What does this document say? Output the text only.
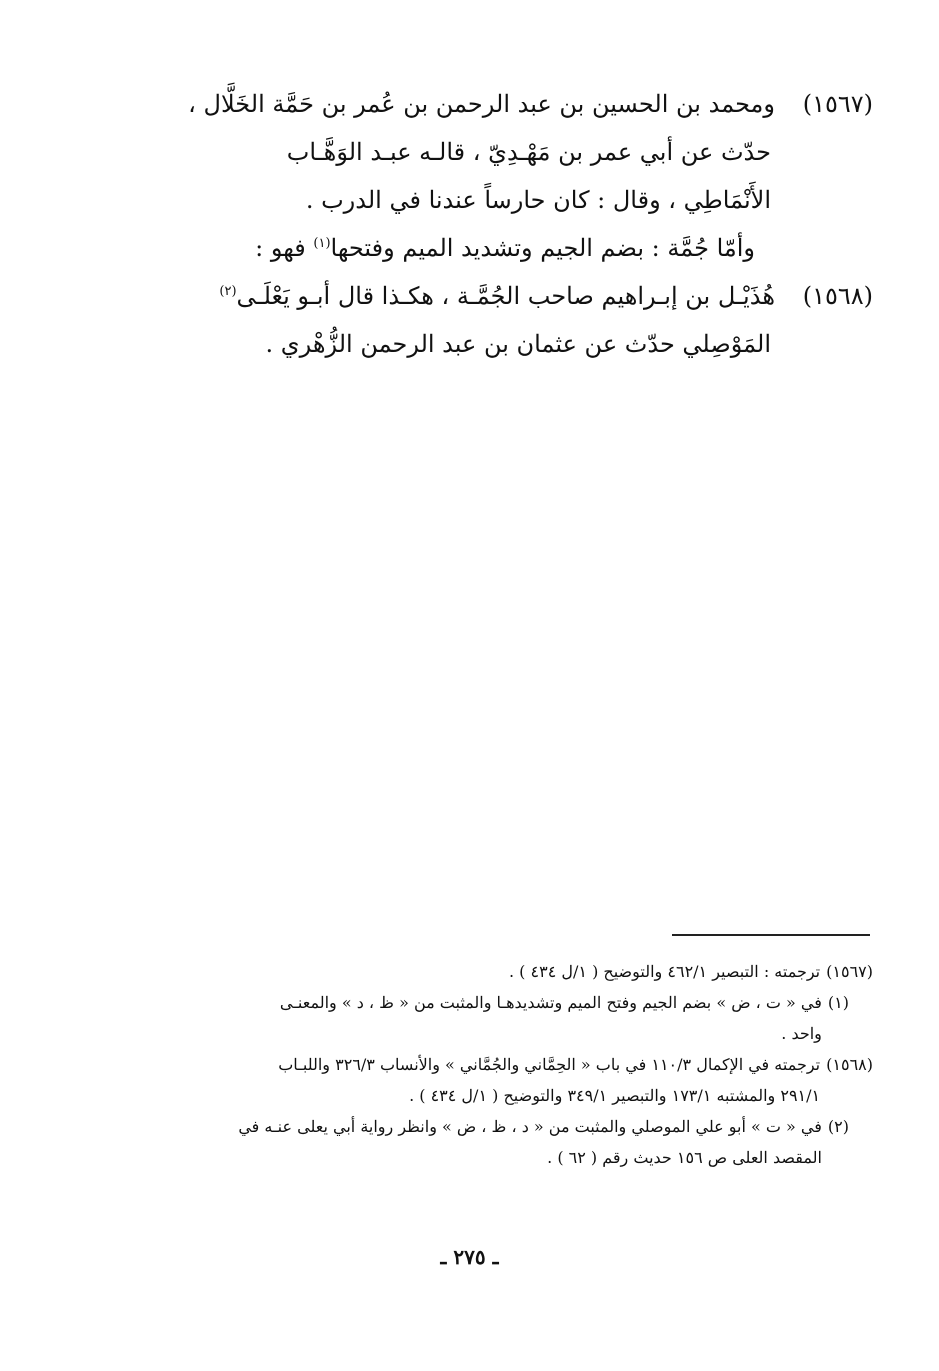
(١٥٦٧)
ومحمد بن الحسين بن عبد الرحمن بن عُمر بن حَمَّة الخَلَّال ،
حدّث عن أبي عمر بن مَهْـدِيّ ، قالـه عبـد الوَهَّـاب
الأَنْمَاطِي ، وقال : كان حارساً عندنا في الدرب .
وأمّا جُمَّة : بضم الجيم وتشديد الميم وفتحها$^{(١)}$ فهو :
(١٥٦٨)
هُذَيْـل بن إبـراهيم صاحب الجُمَّـة ، هكـذا قال أبـو يَعْلَـى$^{(٢)}$
المَوْصِلي حدّث عن عثمان بن عبد الرحمن الزُّهْري .
(١٥٦٧)
ترجمته : التبصير ٤٦٢/١ والتوضيح ( ١/ل ٤٣٤ ) .
(١)
في « ت ، ض » بضم الجيم وفتح الميم وتشديدهـا والمثبت من « ظ ، د » والمعنـى
واحد .
(١٥٦٨)
ترجمته في الإكمال ١١٠/٣ في باب « الحِمَّاني والجُمَّاني » والأنساب ٣٢٦/٣ واللبـاب
٢٩١/١ والمشتبه ١٧٣/١ والتبصير ٣٤٩/١ والتوضيح ( ١/ل ٤٣٤ ) .
(٢)
في « ت » أبو علي الموصلي والمثبت من « د ، ظ ، ض » وانظر رواية أبي يعلى عنـه في
المقصد العلى ص ١٥٦ حديث رقم ( ٦٢ ) .
ـ ٢٧٥ ـ
